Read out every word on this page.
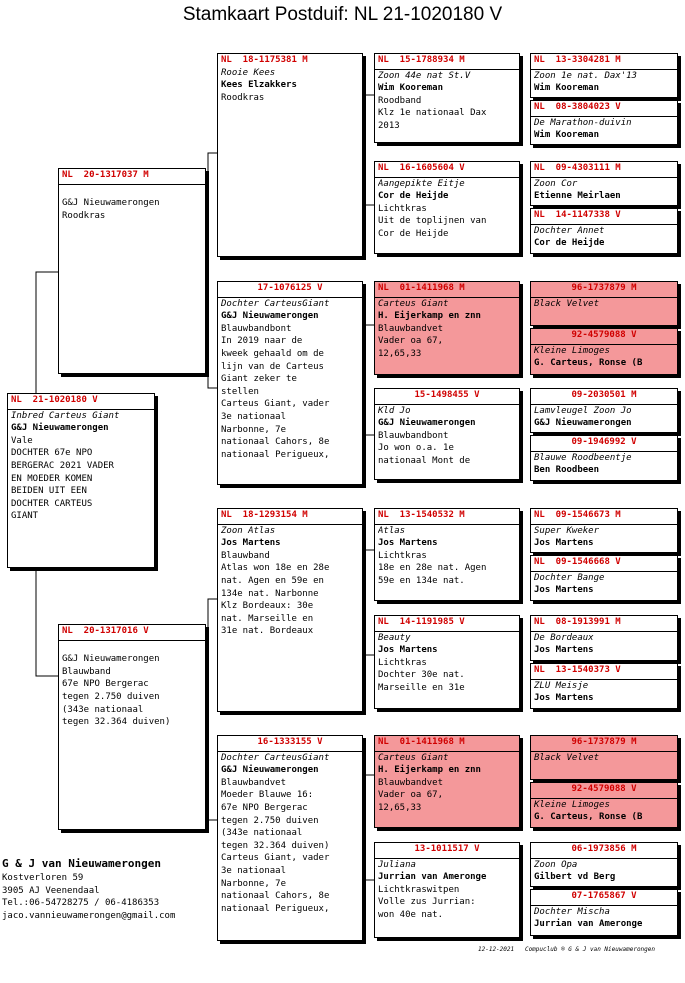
Stamkaart Postduif: NL 21-1020180 V
NL  21-1020180 V
Inbred Carteus Giant
G&J Nieuwamerongen
Vale
DOCHTER 67e NPO
BERGERAC 2021 VADER
EN MOEDER KOMEN
BEIDEN UIT EEN
DOCHTER CARTEUS
GIANT
NL  20-1317037 M

G&J Nieuwamerongen
Roodkras
NL  20-1317016 V

G&J Nieuwamerongen
Blauwband
67e NPO Bergerac
tegen 2.750 duiven
(343e nationaal
tegen 32.364 duiven)
NL  18-1175381 M
Rooie Kees
Kees Elzakkers
Roodkras
17-1076125 V
Dochter CarteusGiant
G&J Nieuwamerongen
Blauwbandbont
In 2019 naar de
kweek gehaald om de
lijn van de Carteus
Giant zeker te
stellen
Carteus Giant, vader
3e nationaal
Narbonne, 7e
nationaal Cahors, 8e
nationaal Perigueux,
NL  18-1293154 M
Zoon Atlas
Jos Martens
Blauwband
Atlas won 18e en 28e
nat. Agen en 59e en
134e nat. Narbonne
Klz Bordeaux: 30e
nat. Marseille en
31e nat. Bordeaux
16-1333155 V
Dochter CarteusGiant
G&J Nieuwamerongen
Blauwbandvet
Moeder Blauwe 16:
67e NPO Bergerac
tegen 2.750 duiven
(343e nationaal
tegen 32.364 duiven)
Carteus Giant, vader
3e nationaal
Narbonne, 7e
nationaal Cahors, 8e
nationaal Perigueux,
NL  15-1788934 M
Zoon 44e nat St.V
Wim Kooreman
Roodband
Klz 1e nationaal Dax
2013
NL  16-1605604 V
Aangepikte Eitje
Cor de Heijde
Lichtkras
Uit de toplijnen van
Cor de Heijde
NL  01-1411968 M
Carteus Giant
H. Eijerkamp en znn
Blauwbandvet
Vader oa 67,
12,65,33
15-1498455 V
Kld Jo
G&J Nieuwamerongen
Blauwbandbont
Jo won o.a. 1e
nationaal Mont de
NL  13-1540532 M
Atlas
Jos Martens
Lichtkras
18e en 28e nat. Agen
59e en 134e nat.
NL  14-1191985 V
Beauty
Jos Martens
Lichtkras
Dochter 30e nat.
Marseille en 31e
NL  01-1411968 M
Carteus Giant
H. Eijerkamp en znn
Blauwbandvet
Vader oa 67,
12,65,33
13-1011517 V
Juliana
Jurrian van Ameronge
Lichtkraswitpen
Volle zus Jurrian:
won 40e nat.
NL  13-3304281 M
Zoon 1e nat. Dax'13
Wim Kooreman
NL  08-3804023 V
De Marathon-duivin
Wim Kooreman
NL  09-4303111 M
Zoon Cor
Etienne Meirlaen
NL  14-1147338 V
Dochter Annet
Cor de Heijde
96-1737879 M
Black Velvet
92-4579088 V
Kleine Limoges
G. Carteus, Ronse (B
09-2030501 M
Lamvleugel Zoon Jo
G&J Nieuwamerongen
09-1946992 V
Blauwe Roodbeentje
Ben Roodbeen
NL  09-1546673 M
Super Kweker
Jos Martens
NL  09-1546668 V
Dochter Bange
Jos Martens
NL  08-1913991 M
De Bordeaux
Jos Martens
NL  13-1540373 V
ZLU Meisje
Jos Martens
96-1737879 M
Black Velvet
92-4579088 V
Kleine Limoges
G. Carteus, Ronse (B
06-1973856 M
Zoon Opa
Gilbert vd Berg
07-1765867 V
Dochter Mischa
Jurrian van Amerongе
G & J van Nieuwamerongen
Kostverloren 59
3905 AJ Veenendaal
Tel.:06-54728275 / 06-4186353
jaco.vannieuwamerongen@gmail.com
12-12-2021   Compuclub ® G & J van Nieuwamerongen
